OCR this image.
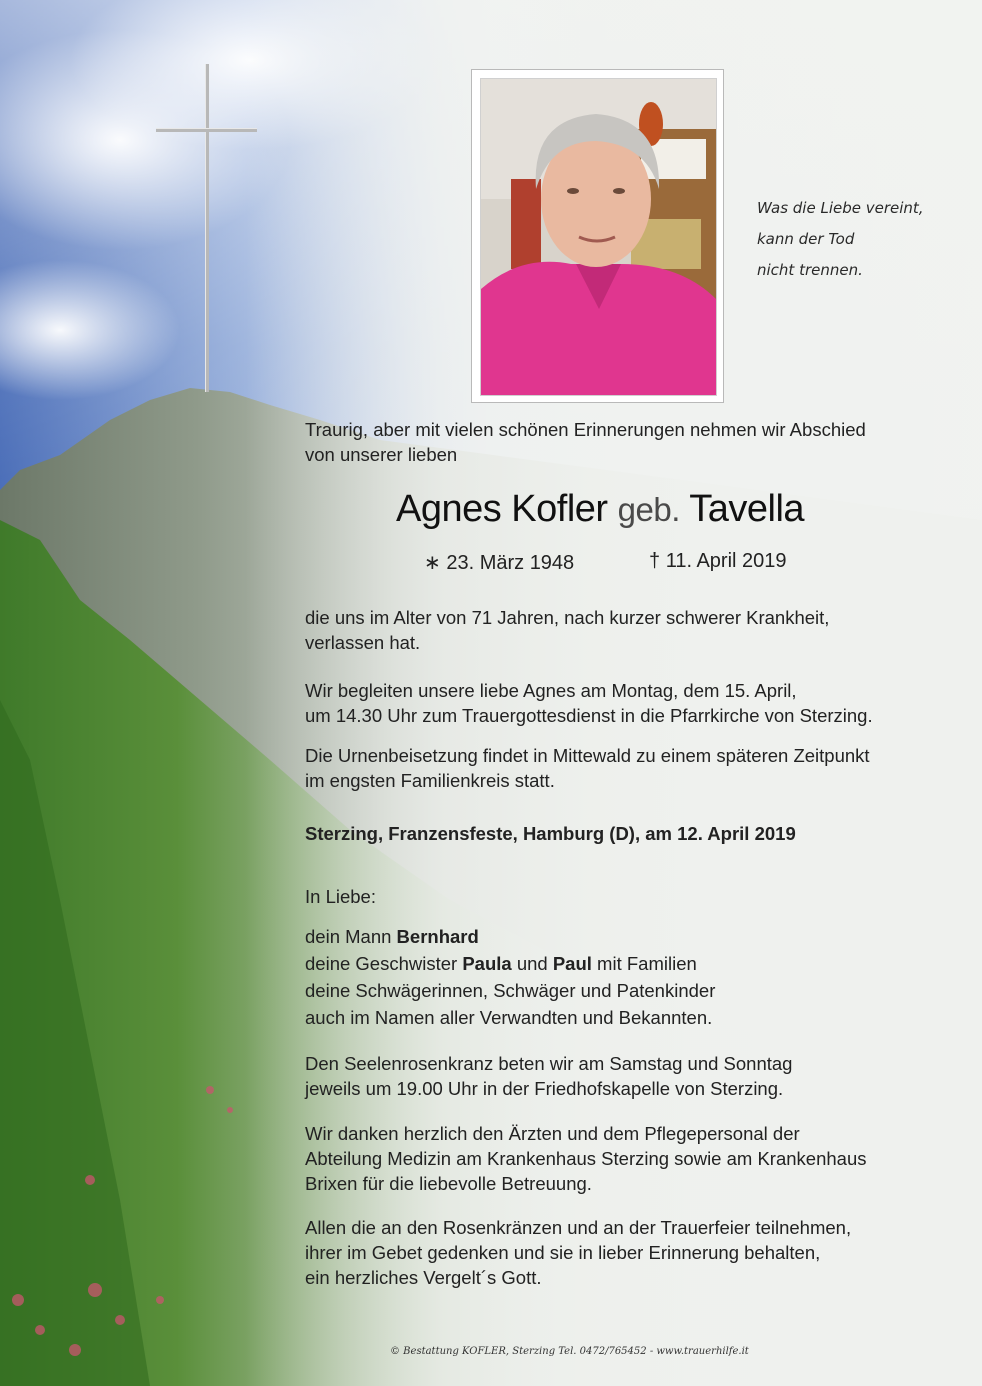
Was die Liebe vereint,
kann der Tod
nicht trennen.
Traurig, aber mit vielen schönen Erinnerungen nehmen wir Abschied
von unserer lieben
Agnes Kofler geb. Tavella
∗ 23. März 1948	† 11. April 2019
die uns im Alter von 71 Jahren, nach kurzer schwerer Krankheit,
verlassen hat.
Wir begleiten unsere liebe Agnes am Montag, dem 15. April,
um 14.30 Uhr zum Trauergottesdienst in die Pfarrkirche von Sterzing.
Die Urnenbeisetzung findet in Mittewald zu einem späteren Zeitpunkt
im engsten Familienkreis statt.
Sterzing, Franzensfeste, Hamburg (D), am 12. April 2019
In Liebe:
dein Mann Bernhard
deine Geschwister Paula und Paul mit Familien
deine Schwägerinnen, Schwäger und Patenkinder
auch im Namen aller Verwandten und Bekannten.
Den Seelenrosenkranz beten wir am Samstag und Sonntag
jeweils um 19.00 Uhr in der Friedhofskapelle von Sterzing.
Wir danken herzlich den Ärzten und dem Pflegepersonal der
Abteilung Medizin am Krankenhaus Sterzing sowie am Krankenhaus
Brixen für die liebevolle Betreuung.
Allen die an den Rosenkränzen und an der Trauerfeier teilnehmen,
ihrer im Gebet gedenken und sie in lieber Erinnerung behalten,
ein herzliches Vergelt´s Gott.
© Bestattung KOFLER, Sterzing Tel. 0472/765452 - www.trauerhilfe.it
